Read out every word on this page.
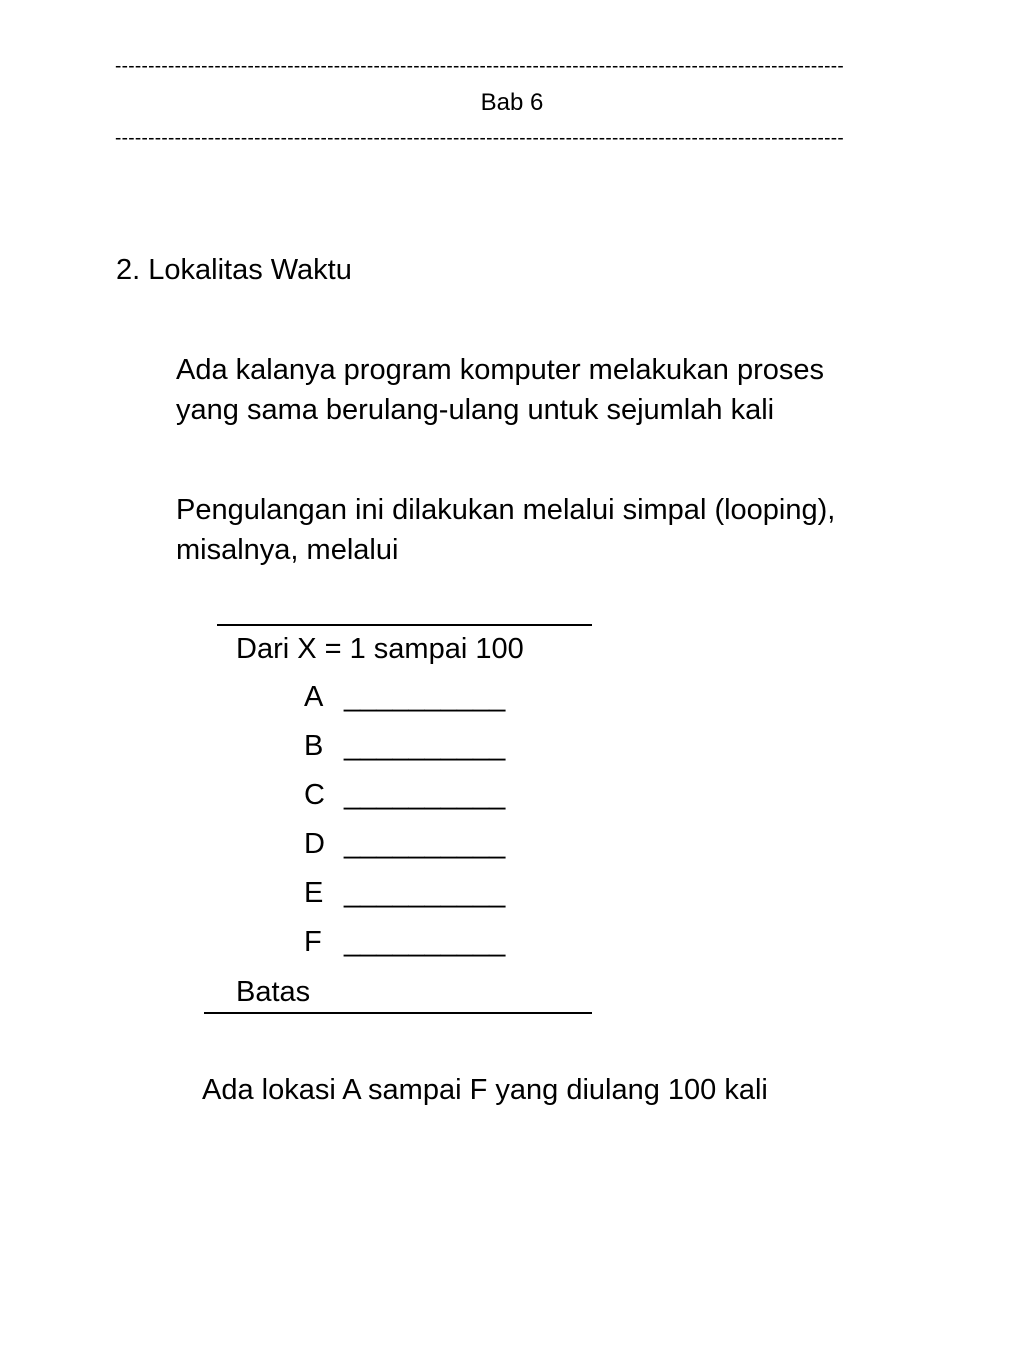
--------------------------------------------------------------------------------------------------------------
Bab 6
--------------------------------------------------------------------------------------------------------------
2. Lokalitas Waktu
Ada kalanya program komputer melakukan proses
yang sama berulang-ulang untuk sejumlah kali
Pengulangan ini dilakukan melalui simpal (looping),
misalnya, melalui
Dari X = 1 sampai 100
A __________
B __________
C __________
D __________
E __________
F __________
Batas
Ada lokasi A sampai F yang diulang 100 kali
